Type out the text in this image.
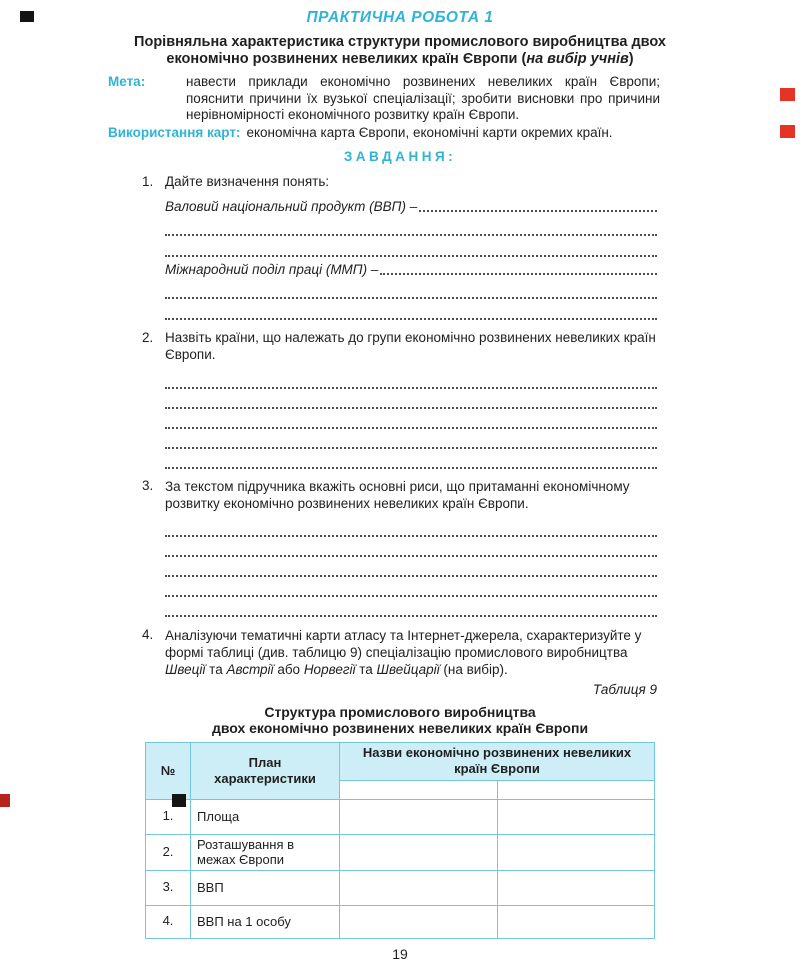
ПРАКТИЧНА РОБОТА 1
Порівняльна характеристика структури промислового виробництва двох
економічно розвинених невеликих країн Європи (на вибір учнів)
Мета:	навести приклади економічно розвинених невеликих країн Європи; пояснити причини їх вузької спеціалізації; зробити висновки про причини нерівномірності економічного розвитку країн Європи.
Використання карт: економічна карта Європи, економічні карти окремих країн.
ЗАВДАННЯ:
1. Дайте визначення понять:
Валовий національний продукт (ВВП) –
Міжнародний поділ праці (ММП) –
2. Назвіть країни, що належать до групи економічно розвинених невеликих країн Європи.
3. За текстом підручника вкажіть основні риси, що притаманні економічному розвитку економічно розвинених невеликих країн Європи.
4. Аналізуючи тематичні карти атласу та Інтернет-джерела, схарактеризуйте у формі таблиці (див. таблицю 9) спеціалізацію промислового виробництва Швеції та Австрії або Норвегії та Швейцарії (на вибір).
Таблиця 9
Структура промислового виробництва
двох економічно розвинених невеликих країн Європи
№	План характеристики	Назви економічно розвинених невеликих країн Європи	

1.	Площа		
2.	Розташування в межах Європи		
3.	ВВП		
4.	ВВП на 1 особу		
19
